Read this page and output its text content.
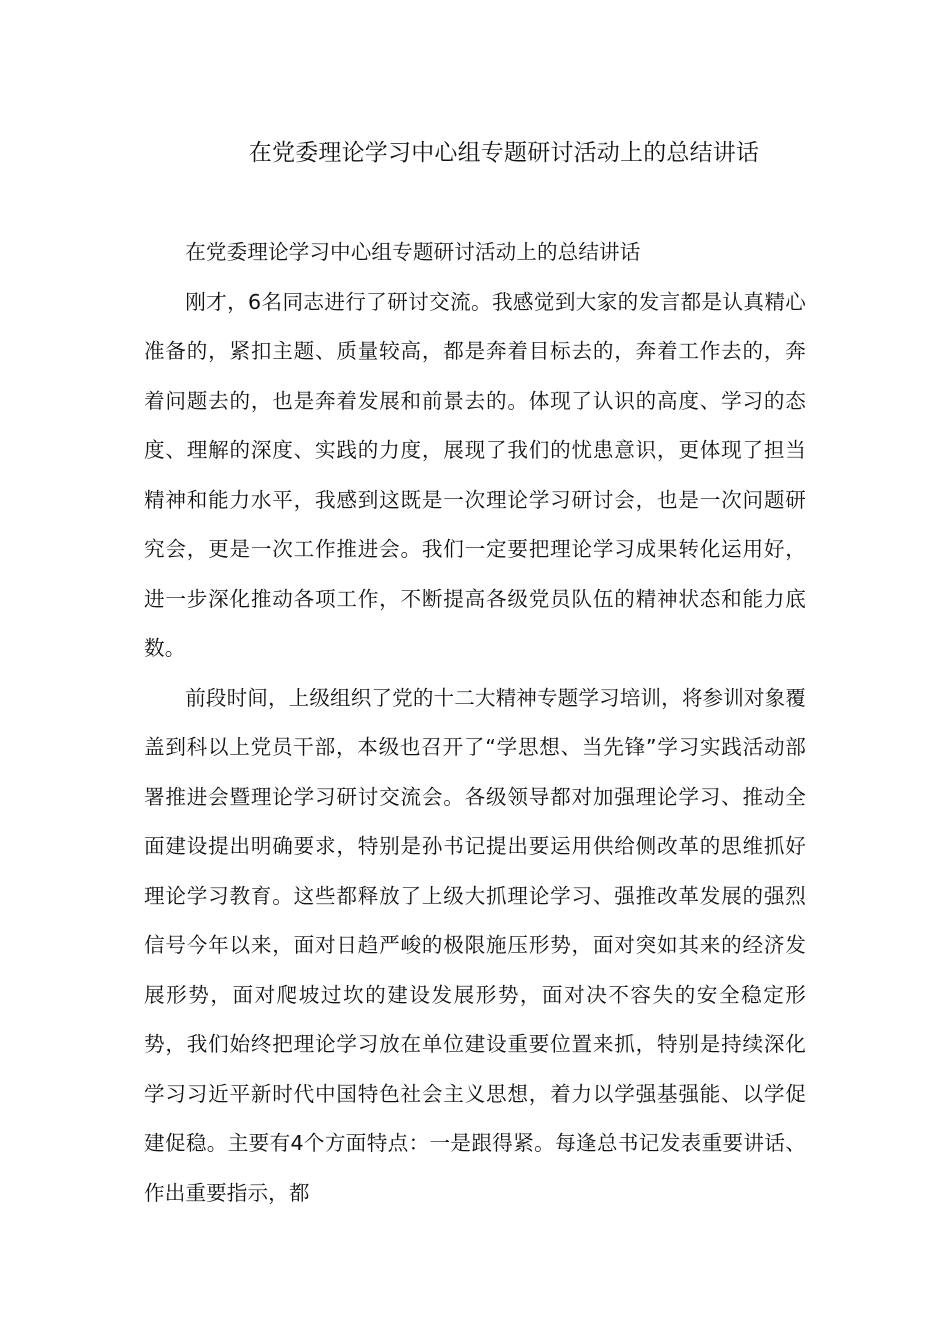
在党委理论学习中心组专题研讨活动上的总结讲话

在党委理论学习中心组专题研讨活动上的总结讲话

刚才，6名同志进行了研讨交流。我感觉到大家的发言都是认真精心准备的，紧扣主题、质量较高，都是奔着目标去的，奔着工作去的，奔着问题去的，也是奔着发展和前景去的。体现了认识的高度、学习的态度、理解的深度、实践的力度，展现了我们的忧患意识，更体现了担当精神和能力水平，我感到这既是一次理论学习研讨会，也是一次问题研究会，更是一次工作推进会。我们一定要把理论学习成果转化运用好，进一步深化推动各项工作，不断提高各级党员队伍的精神状态和能力底数。

前段时间，上级组织了党的十二大精神专题学习培训，将参训对象覆盖到科以上党员干部，本级也召开了“学思想、当先锋”学习实践活动部署推进会暨理论学习研讨交流会。各级领导都对加强理论学习、推动全面建设提出明确要求，特别是孙书记提出要运用供给侧改革的思维抓好理论学习教育。这些都释放了上级大抓理论学习、强推改革发展的强烈信号今年以来，面对日趋严峻的极限施压形势，面对突如其来的经济发展形势，面对爬坡过坎的建设发展形势，面对决不容失的安全稳定形势，我们始终把理论学习放在单位建设重要位置来抓，特别是持续深化学习习近平新时代中国特色社会主义思想，着力以学强基强能、以学促建促稳。主要有4个方面特点：一是跟得紧。每逢总书记发表重要讲话、作出重要指示，都
